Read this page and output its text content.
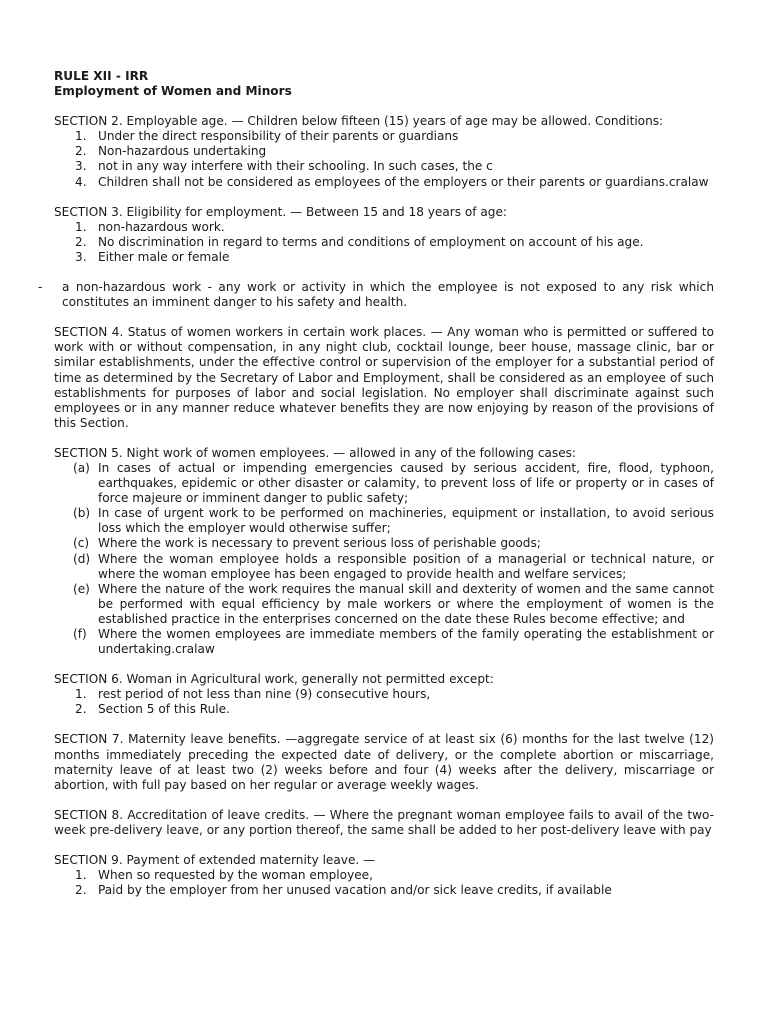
RULE XII - IRR

Employment of Women and Minors

SECTION 2. Employable age. — Children below fifteen (15) years of age may be allowed. Conditions:

1. Under the direct responsibility of their parents or guardians

2. Non-hazardous undertaking

3. not in any way interfere with their schooling. In such cases, the c

4. Children shall not be considered as employees of the employers or their parents or guardians.cralaw

SECTION 3. Eligibility for employment. — Between 15 and 18 years of age:

1. non-hazardous work.

2. No discrimination in regard to terms and conditions of employment on account of his age.

3. Either male or female

- a non-hazardous work - any work or activity in which the employee is not exposed to any risk which constitutes an imminent danger to his safety and health.

SECTION 4. Status of women workers in certain work places. — Any woman who is permitted or suffered to work with or without compensation, in any night club, cocktail lounge, beer house, massage clinic, bar or similar establishments, under the effective control or supervision of the employer for a substantial period of time as determined by the Secretary of Labor and Employment, shall be considered as an employee of such establishments for purposes of labor and social legislation. No employer shall discriminate against such employees or in any manner reduce whatever benefits they are now enjoying by reason of the provisions of this Section.

SECTION 5. Night work of women employees. — allowed in any of the following cases:

(a) In cases of actual or impending emergencies caused by serious accident, fire, flood, typhoon, earthquakes, epidemic or other disaster or calamity, to prevent loss of life or property or in cases of force majeure or imminent danger to public safety;

(b) In case of urgent work to be performed on machineries, equipment or installation, to avoid serious loss which the employer would otherwise suffer;

(c) Where the work is necessary to prevent serious loss of perishable goods;

(d) Where the woman employee holds a responsible position of a managerial or technical nature, or where the woman employee has been engaged to provide health and welfare services;

(e) Where the nature of the work requires the manual skill and dexterity of women and the same cannot be performed with equal efficiency by male workers or where the employment of women is the established practice in the enterprises concerned on the date these Rules become effective; and

(f) Where the women employees are immediate members of the family operating the establishment or undertaking.cralaw

SECTION 6. Woman in Agricultural work, generally not permitted except:

1. rest period of not less than nine (9) consecutive hours,

2. Section 5 of this Rule.

SECTION 7. Maternity leave benefits. —aggregate service of at least six (6) months for the last twelve (12) months immediately preceding the expected date of delivery, or the complete abortion or miscarriage, maternity leave of at least two (2) weeks before and four (4) weeks after the delivery, miscarriage or abortion, with full pay based on her regular or average weekly wages.

SECTION 8. Accreditation of leave credits. — Where the pregnant woman employee fails to avail of the two-week pre-delivery leave, or any portion thereof, the same shall be added to her post-delivery leave with pay

SECTION 9. Payment of extended maternity leave. —

1. When so requested by the woman employee,

2. Paid by the employer from her unused vacation and/or sick leave credits, if available
